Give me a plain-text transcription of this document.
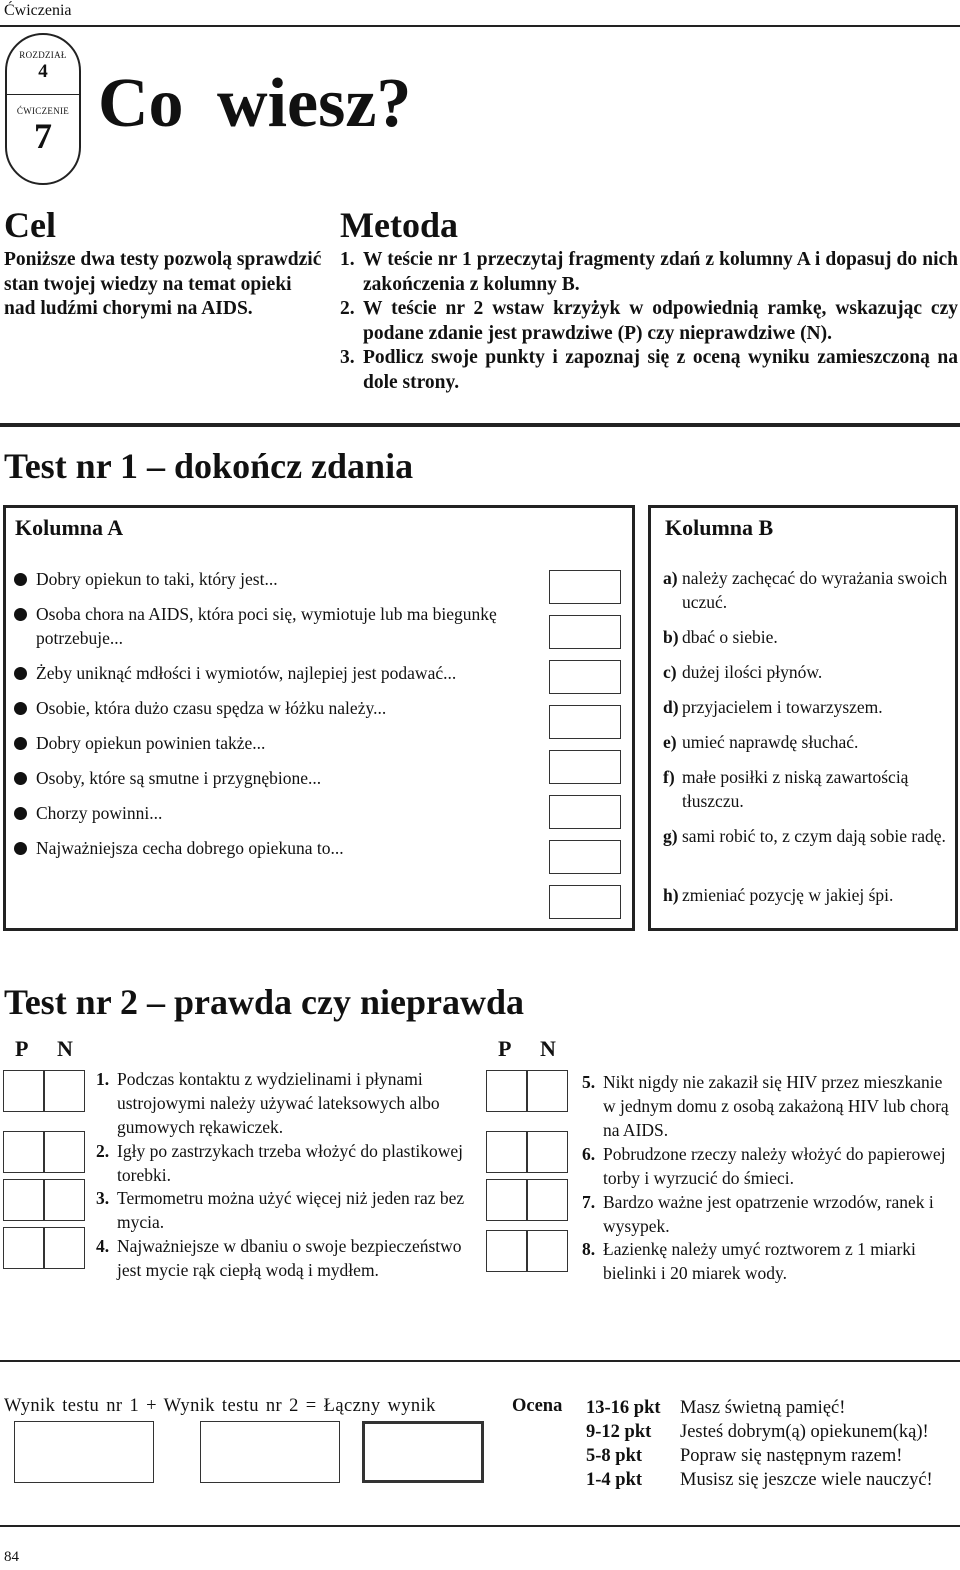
Ćwiczenia
ROZDZIAŁ
4
ĆWICZENIE
7 Co wiesz?
Cel
Poniższe dwa testy pozwolą sprawdzić stan twojej wiedzy na temat opieki nad ludźmi chorymi na AIDS.
Metoda
1. W teście nr 1 przeczytaj fragmenty zdań z kolumny A i dopasuj do nich zakończenia z kolumny B.
2. W teście nr 2 wstaw krzyżyk w odpowiednią ramkę, wskazując czy podane zdanie jest prawdziwe (P) czy nieprawdziwe (N).
3. Podlicz swoje punkty i zapoznaj się z oceną wyniku zamieszczoną na dole strony.
Test nr 1 – dokończ zdania
Kolumna A	Kolumna B
Dobry opiekun to taki, który jest...
Osoba chora na AIDS, która poci się, wymiotuje lub ma biegunkę potrzebuje...
Żeby uniknąć mdłości i wymiotów, najlepiej jest podawać...
Osobie, która dużo czasu spędza w łóżku należy...
Dobry opiekun powinien także...
Osoby, które są smutne i przygnębione...
Chorzy powinni...
Najważniejsza cecha dobrego opiekuna to...
a) należy zachęcać do wyrażania swoich uczuć.
b) dbać o siebie.
c) dużej ilości płynów.
d) przyjacielem i towarzyszem.
e) umieć naprawdę słuchać.
f) małe posiłki z niską zawartością tłuszczu.
g) sami robić to, z czym dają sobie radę.
h) zmieniać pozycję w jakiej śpi.
Test nr 2 – prawda czy nieprawda
P N	P N
1. Podczas kontaktu z wydzielinami i płynami ustrojowymi należy używać lateksowych albo gumowych rękawiczek.
2. Igły po zastrzykach trzeba włożyć do plastikowej torebki.
3. Termometru można użyć więcej niż jeden raz bez mycia.
4. Najważniejsze w dbaniu o swoje bezpieczeństwo jest mycie rąk ciepłą wodą i mydłem.
5. Nikt nigdy nie zakaził się HIV przez mieszkanie w jednym domu z osobą zakażoną HIV lub chorą na AIDS.
6. Pobrudzone rzeczy należy włożyć do papierowej torby i wyrzucić do śmieci.
7. Bardzo ważne jest opatrzenie wrzodów, ranek i wysypek.
8. Łazienkę należy umyć roztworem z 1 miarki bielinki i 20 miarek wody.
Wynik testu nr 1 + Wynik testu nr 2 = Łączny wynik	Ocena 13-16 pkt Masz świetną pamięć!
9-12 pkt Jesteś dobrym(ą) opiekunem(ką)!
5-8 pkt Popraw się następnym razem!
1-4 pkt Musisz się jeszcze wiele nauczyć!
84
